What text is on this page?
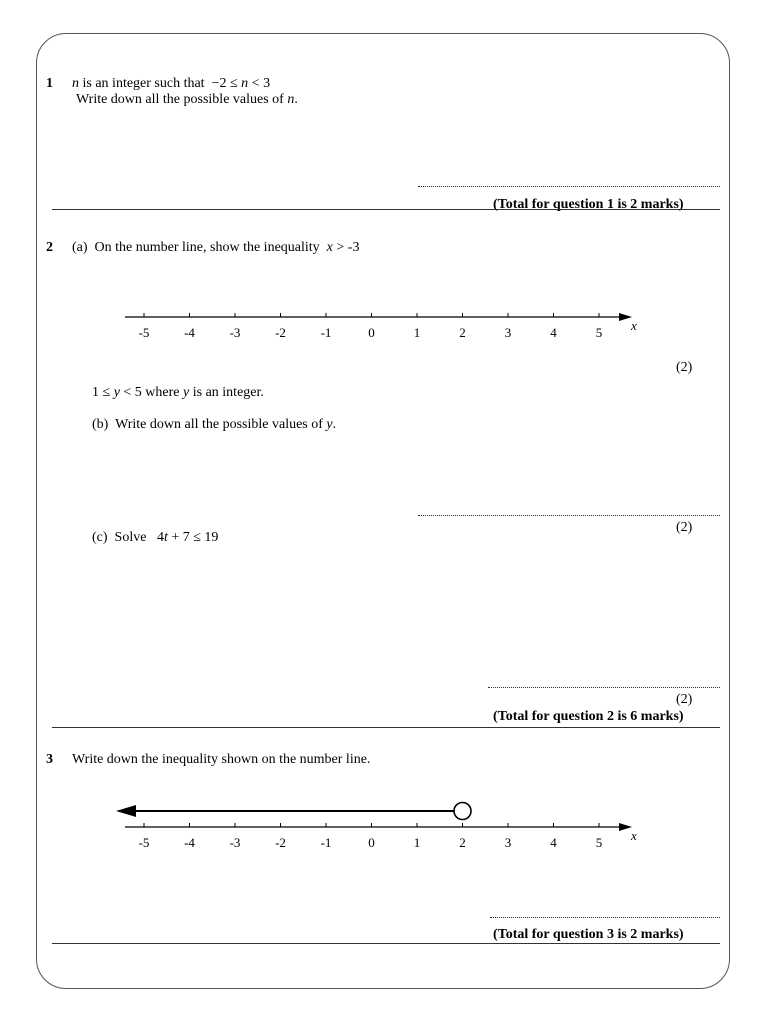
1 n is an integer such that −2 ≤ n < 3
Write down all the possible values of n.
(Total for question 1 is 2 marks)
2 (a) On the number line, show the inequality x > -3
-5	-4	-3	-2	-1	0	1	2	3	4	5 x
-5	-4	-3	-2	-1	0	1	2	3	4	5 x
(2)
1 ≤ y < 5 where y is an integer.
(b) Write down all the possible values of y.
(2)
(c) Solve 4t + 7 ≤ 19
(2)
(Total for question 2 is 6 marks)
3 Write down the inequality shown on the number line.
(Total for question 3 is 2 marks)
